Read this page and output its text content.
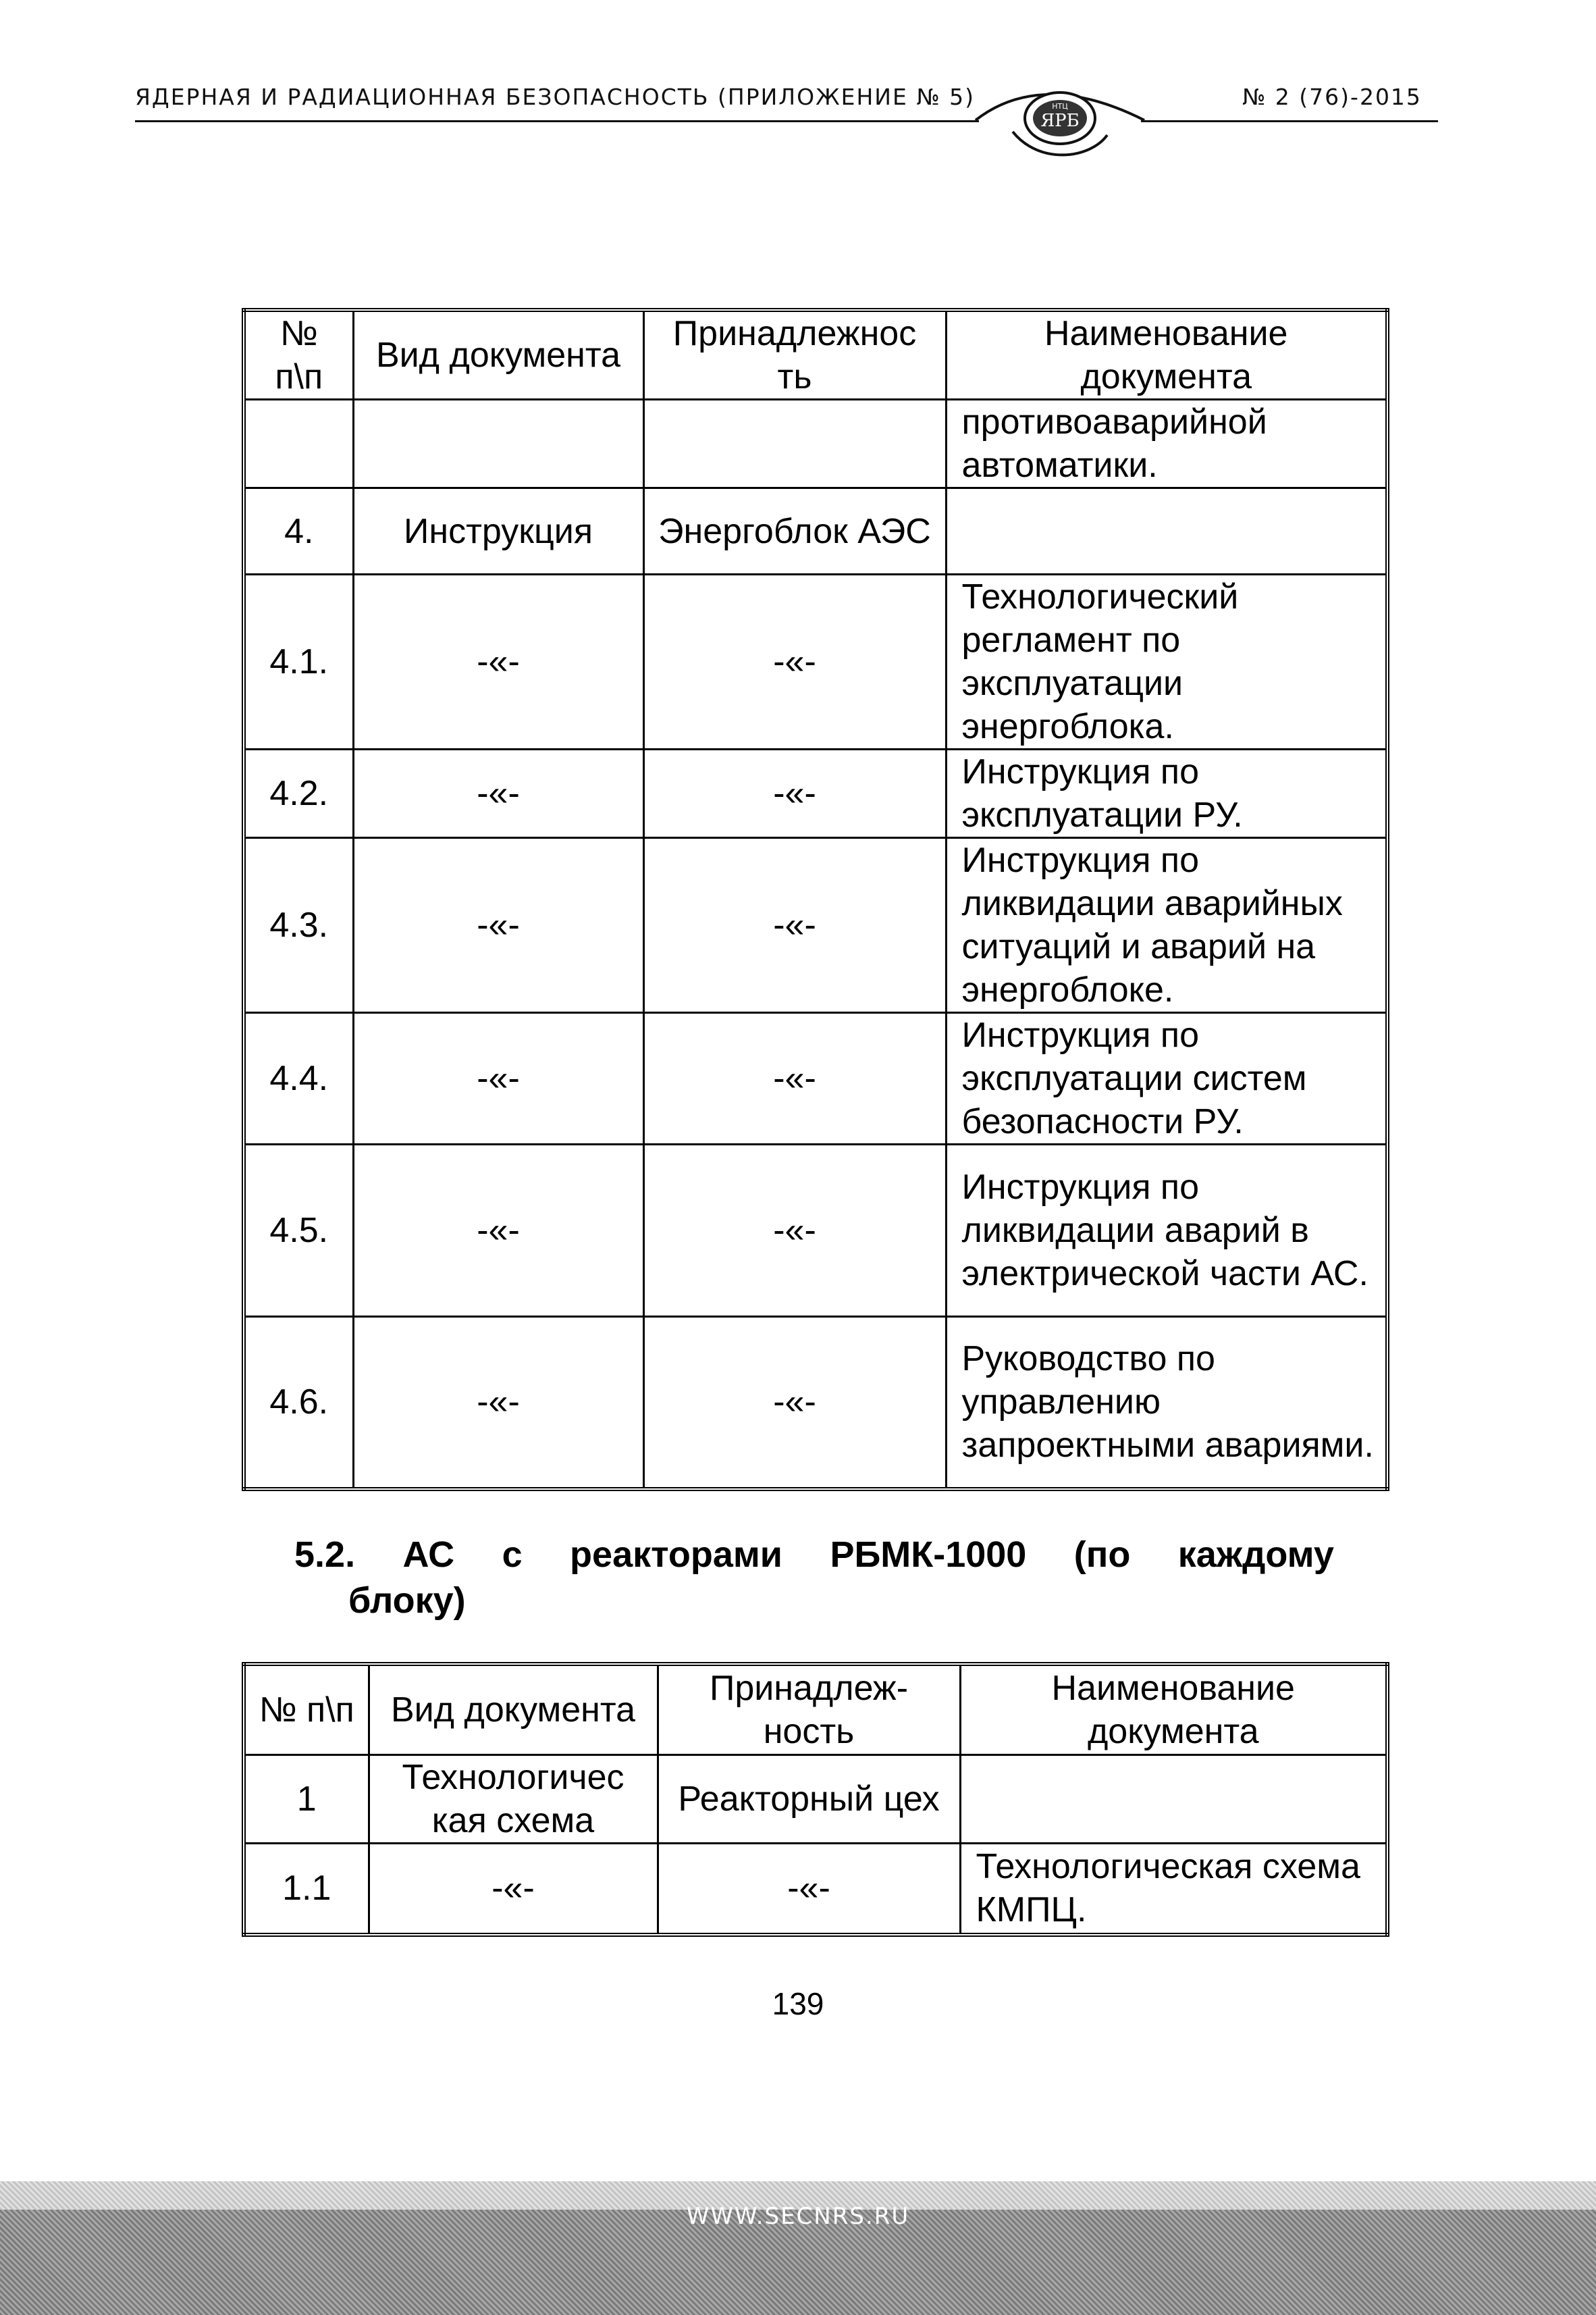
ЯДЕРНАЯ И РАДИАЦИОННАЯ БЕЗОПАСНОСТЬ (ПРИЛОЖЕНИЕ № 5)	№ 2 (76)-2015
НТЦ
ЯРБ
№ п\п	Вид документа	Принадлежнос ть	Наименование документа
			противоаварийной автоматики.
4.	Инструкция	Энергоблок АЭС	
4.1.	-«-	-«-	Технологический регламент по эксплуатации энергоблока.
4.2.	-«-	-«-	Инструкция по эксплуатации РУ.
4.3.	-«-	-«-	Инструкция по ликвидации аварийных ситуаций и аварий на энергоблоке.
4.4.	-«-	-«-	Инструкция по эксплуатации систем безопасности РУ.
4.5.	-«-	-«-	Инструкция по ликвидации аварий в электрической части АС.
4.6.	-«-	-«-	Руководство по управлению запроектными авариями.
5.2. АС с реакторами РБМК-1000 (по каждому
блоку)
№ п\п	Вид документа	Принадлеж- ность	Наименование документа
1	Технологичес кая схема	Реакторный цех	
1.1	-«-	-«-	Технологическая схема КМПЦ.
139
WWW.SECNRS.RU
